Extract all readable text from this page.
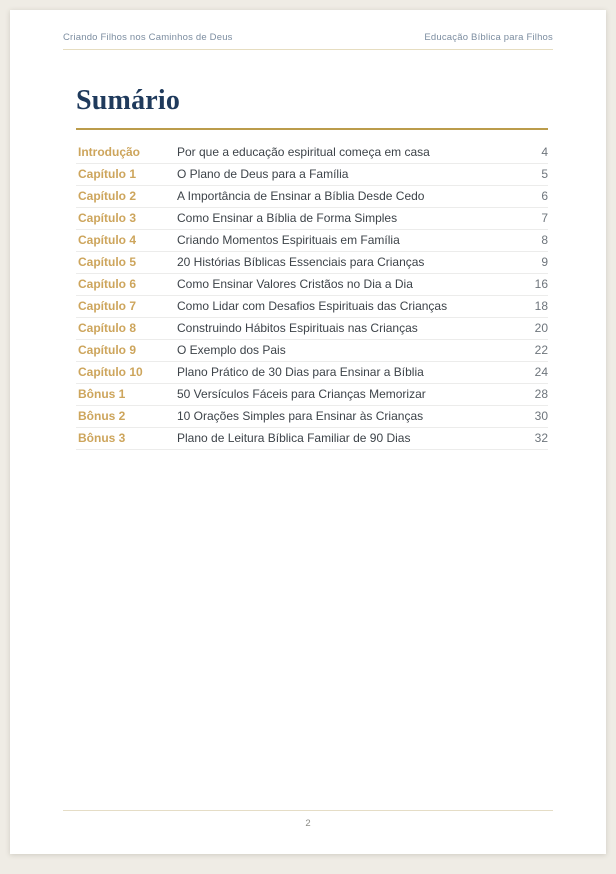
Criando Filhos nos Caminhos de Deus	Educação Bíblica para Filhos
Sumário
Introdução	Por que a educação espiritual começa em casa	4
Capítulo 1	O Plano de Deus para a Família	5
Capítulo 2	A Importância de Ensinar a Bíblia Desde Cedo	6
Capítulo 3	Como Ensinar a Bíblia de Forma Simples	7
Capítulo 4	Criando Momentos Espirituais em Família	8
Capítulo 5	20 Histórias Bíblicas Essenciais para Crianças	9
Capítulo 6	Como Ensinar Valores Cristãos no Dia a Dia	16
Capítulo 7	Como Lidar com Desafios Espirituais das Crianças	18
Capítulo 8	Construindo Hábitos Espirituais nas Crianças	20
Capítulo 9	O Exemplo dos Pais	22
Capítulo 10	Plano Prático de 30 Dias para Ensinar a Bíblia	24
Bônus 1	50 Versículos Fáceis para Crianças Memorizar	28
Bônus 2	10 Orações Simples para Ensinar às Crianças	30
Bônus 3	Plano de Leitura Bíblica Familiar de 90 Dias	32
2
